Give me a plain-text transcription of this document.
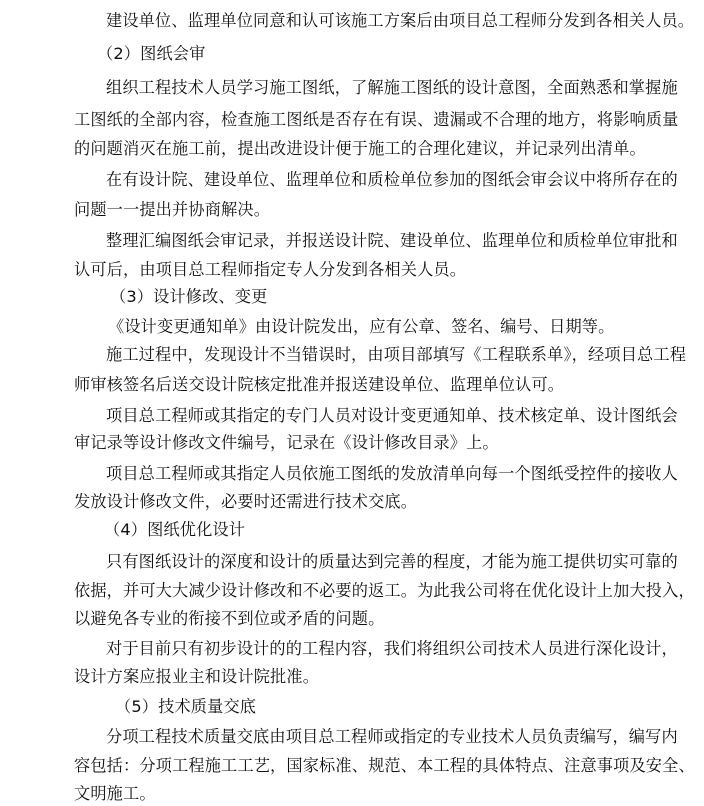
建设单位、监理单位同意和认可该施工方案后由项目总工程师分发到各相关人员。
（2）图纸会审
组织工程技术人员学习施工图纸，了解施工图纸的设计意图，全面熟悉和掌握施
工图纸的全部内容，检查施工图纸是否存在有误、遗漏或不合理的地方，将影响质量
的问题消灭在施工前，提出改进设计便于施工的合理化建议，并记录列出清单。
在有设计院、建设单位、监理单位和质检单位参加的图纸会审会议中将所存在的
问题一一提出并协商解决。
整理汇编图纸会审记录，并报送设计院、建设单位、监理单位和质检单位审批和
认可后，由项目总工程师指定专人分发到各相关人员。
（3）设计修改、变更
《设计变更通知单》由设计院发出，应有公章、签名、编号、日期等。
施工过程中，发现设计不当错误时，由项目部填写《工程联系单》，经项目总工程
师审核签名后送交设计院核定批准并报送建设单位、监理单位认可。
项目总工程师或其指定的专门人员对设计变更通知单、技术核定单、设计图纸会
审记录等设计修改文件编号，记录在《设计修改目录》上。
项目总工程师或其指定人员依施工图纸的发放清单向每一个图纸受控件的接收人
发放设计修改文件，必要时还需进行技术交底。
（4）图纸优化设计
只有图纸设计的深度和设计的质量达到完善的程度，才能为施工提供切实可靠的
依据，并可大大减少设计修改和不必要的返工。为此我公司将在优化设计上加大投入，
以避免各专业的衔接不到位或矛盾的问题。
对于目前只有初步设计的的工程内容，我们将组织公司技术人员进行深化设计，
设计方案应报业主和设计院批准。
（5）技术质量交底
分项工程技术质量交底由项目总工程师或指定的专业技术人员负责编写，编写内
容包括：分项工程施工工艺，国家标准、规范、本工程的具体特点、注意事项及安全、
文明施工。
